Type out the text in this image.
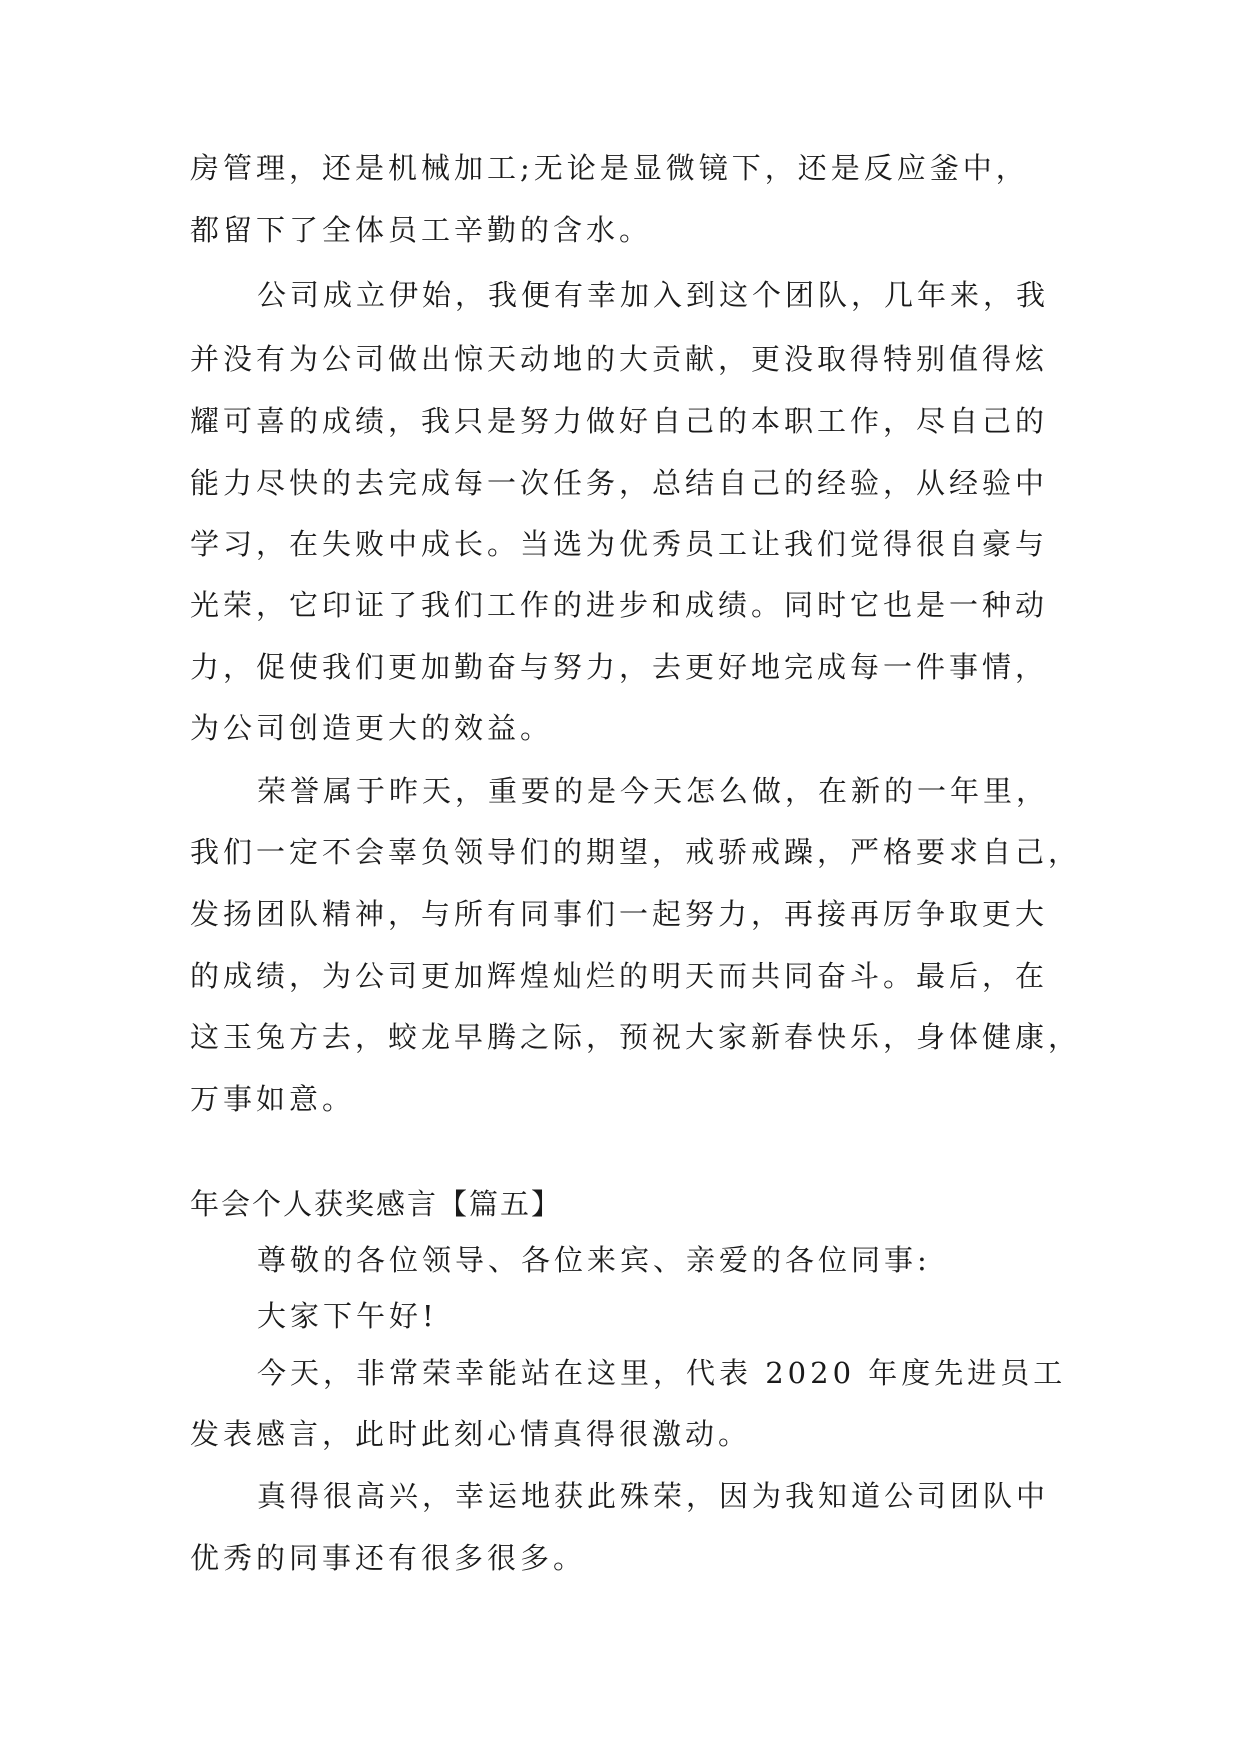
房管理，还是机械加工;无论是显微镜下，还是反应釜中，
都留下了全体员工辛勤的含水。
公司成立伊始，我便有幸加入到这个团队，几年来，我
并没有为公司做出惊天动地的大贡献，更没取得特别值得炫
耀可喜的成绩，我只是努力做好自己的本职工作，尽自己的
能力尽快的去完成每一次任务，总结自己的经验，从经验中
学习，在失败中成长。当选为优秀员工让我们觉得很自豪与
光荣，它印证了我们工作的进步和成绩。同时它也是一种动
力，促使我们更加勤奋与努力，去更好地完成每一件事情，
为公司创造更大的效益。
荣誉属于昨天，重要的是今天怎么做，在新的一年里，
我们一定不会辜负领导们的期望，戒骄戒躁，严格要求自己，
发扬团队精神，与所有同事们一起努力，再接再厉争取更大
的成绩，为公司更加辉煌灿烂的明天而共同奋斗。最后，在
这玉兔方去，蛟龙早腾之际，预祝大家新春快乐，身体健康，
万事如意。
年会个人获奖感言【篇五】
尊敬的各位领导、各位来宾、亲爱的各位同事:
大家下午好!
今天，非常荣幸能站在这里，代表 2020 年度先进员工
发表感言，此时此刻心情真得很激动。
真得很高兴，幸运地获此殊荣，因为我知道公司团队中
优秀的同事还有很多很多。
